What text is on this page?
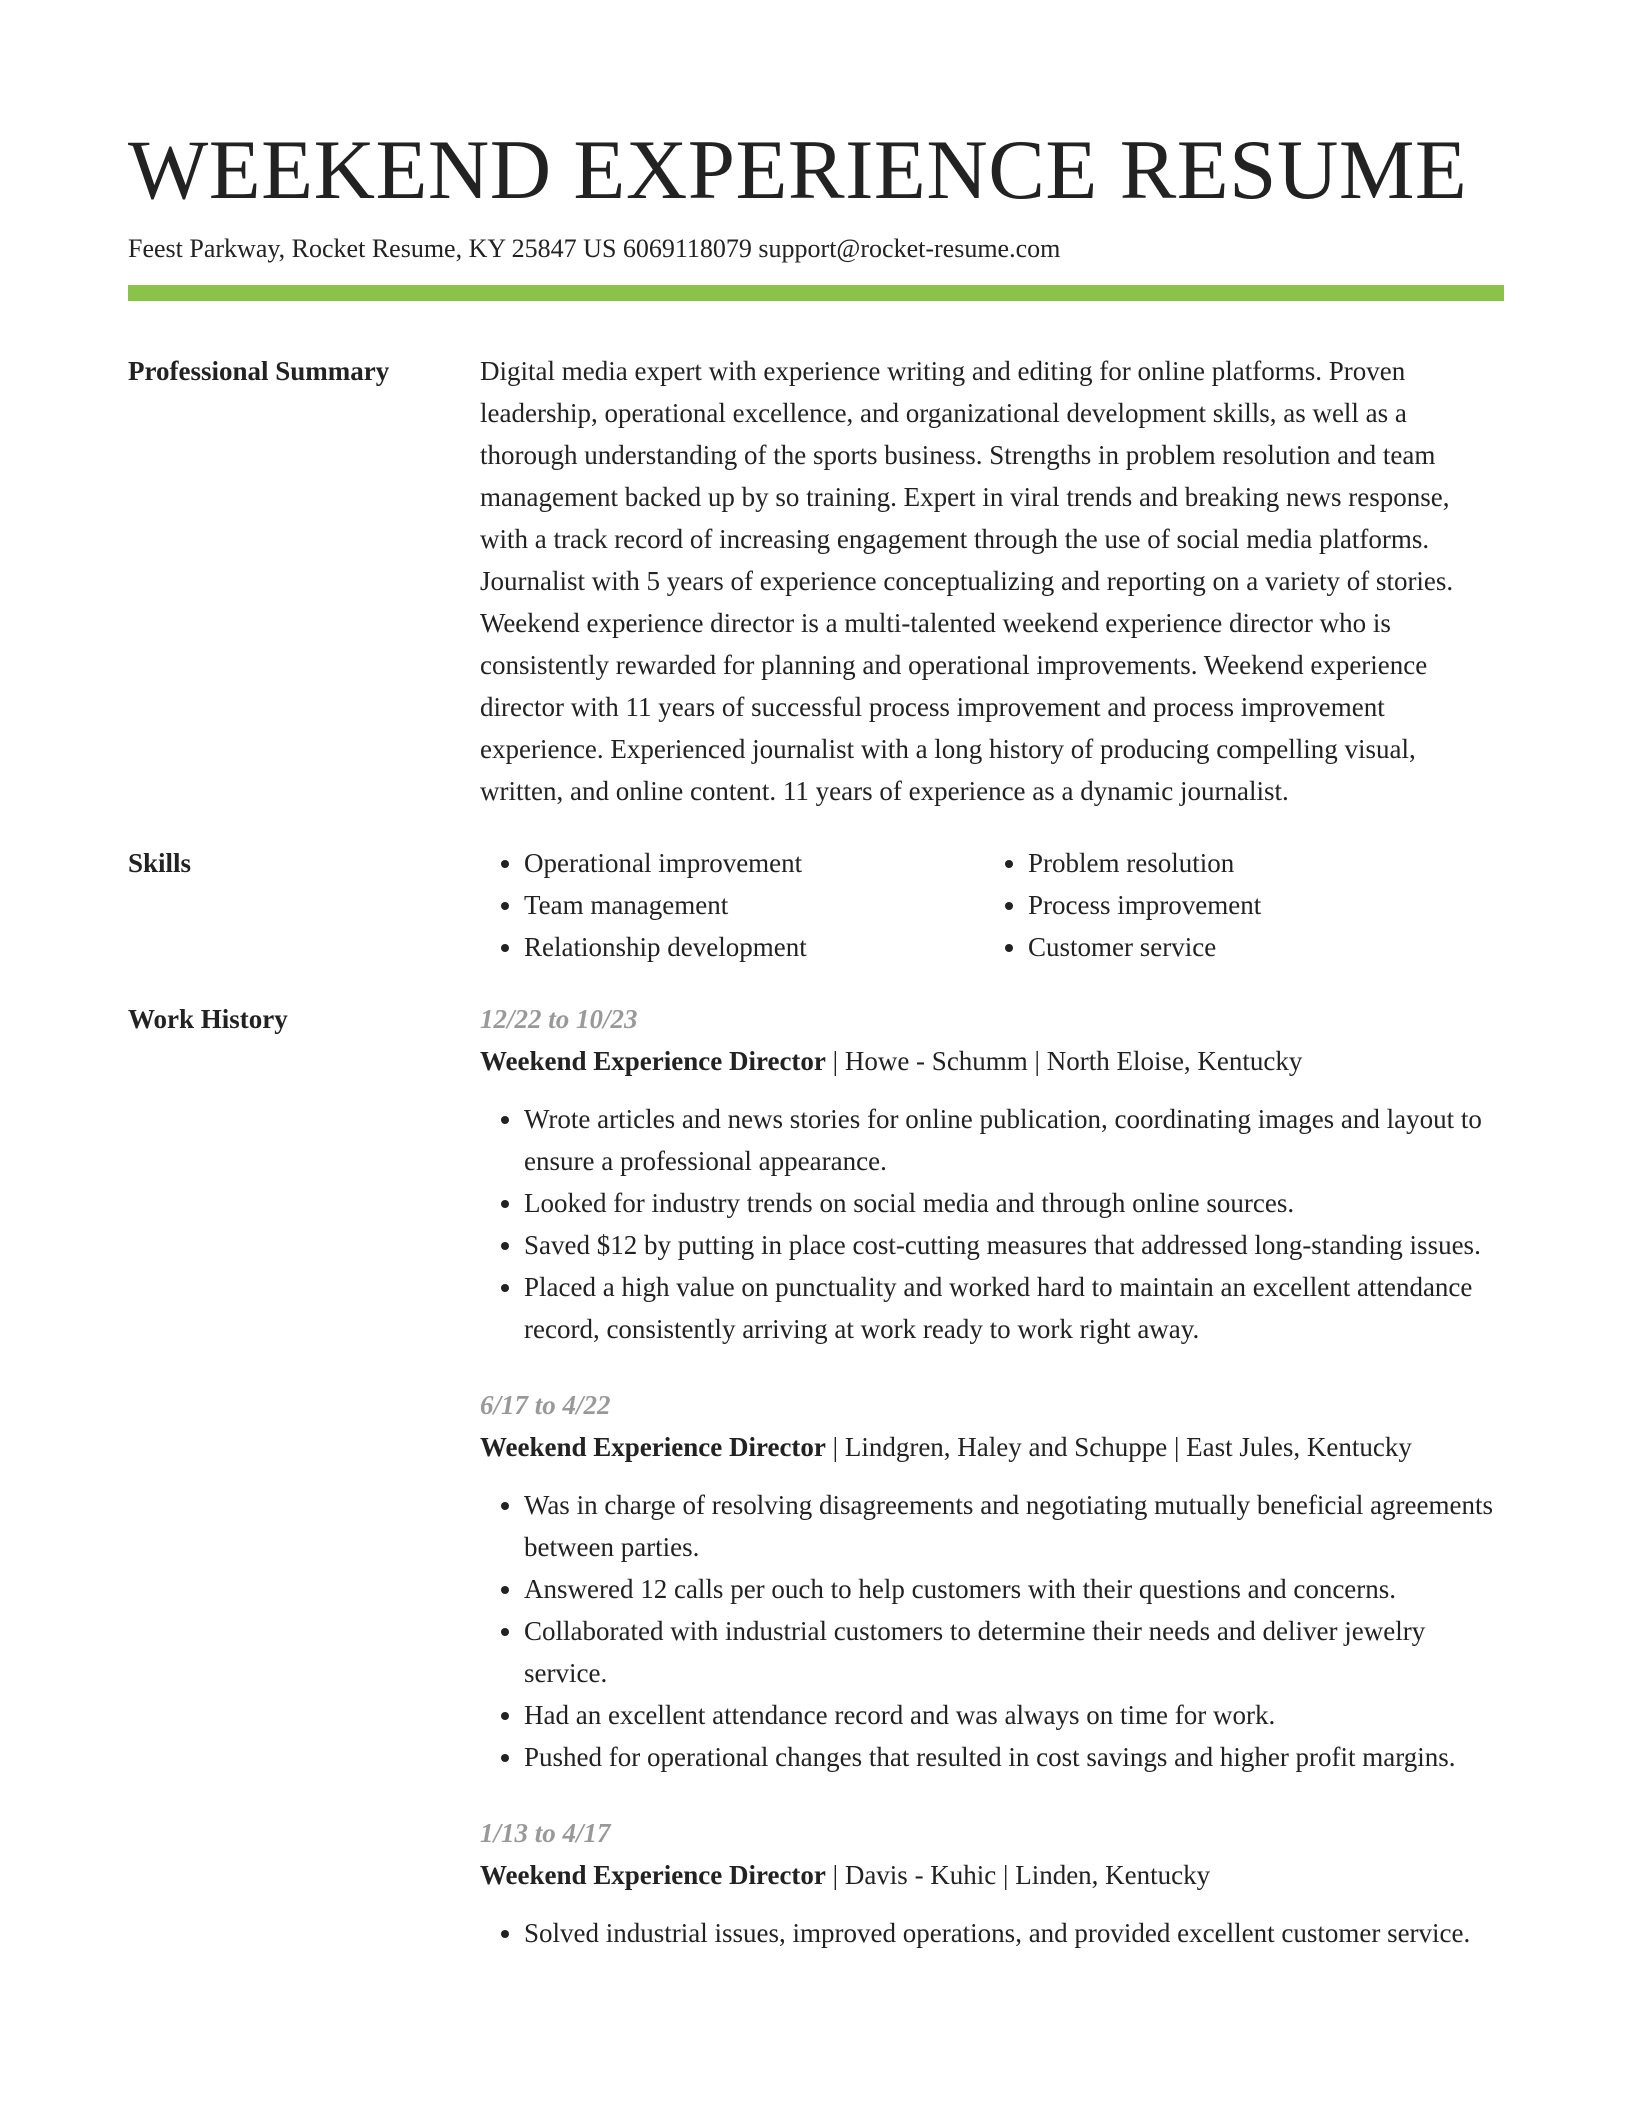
WEEKEND EXPERIENCE RESUME
Feest Parkway, Rocket Resume, KY 25847 US 6069118079 support@rocket-resume.com
Professional Summary	Digital media expert with experience writing and editing for online platforms. Proven leadership, operational excellence, and organizational development skills, as well as a thorough understanding of the sports business. Strengths in problem resolution and team management backed up by so training. Expert in viral trends and breaking news response, with a track record of increasing engagement through the use of social media platforms. Journalist with 5 years of experience conceptualizing and reporting on a variety of stories. Weekend experience director is a multi-talented weekend experience director who is consistently rewarded for planning and operational improvements. Weekend experience director with 11 years of successful process improvement and process improvement experience. Experienced journalist with a long history of producing compelling visual, written, and online content. 11 years of experience as a dynamic journalist.

Skills
•	Operational improvement
• Team management
• Relationship development
• Problem resolution
• Process improvement
• Customer service
Work History	12/22 to 10/23
Weekend Experience Director | Howe - Schumm | North Eloise, Kentucky
• Wrote articles and news stories for online publication, coordinating images and layout to ensure a professional appearance.
• Looked for industry trends on social media and through online sources.
• Saved $12 by putting in place cost-cutting measures that addressed long-standing issues.
• Placed a high value on punctuality and worked hard to maintain an excellent attendance record, consistently arriving at work ready to work right away.
6/17 to 4/22
Weekend Experience Director | Lindgren, Haley and Schuppe | East Jules, Kentucky
• Was in charge of resolving disagreements and negotiating mutually beneficial agreements between parties.
• Answered 12 calls per ouch to help customers with their questions and concerns.
• Collaborated with industrial customers to determine their needs and deliver jewelry service.
• Had an excellent attendance record and was always on time for work.
• Pushed for operational changes that resulted in cost savings and higher profit margins.
1/13 to 4/17
Weekend Experience Director | Davis - Kuhic | Linden, Kentucky
• Solved industrial issues, improved operations, and provided excellent customer service.
